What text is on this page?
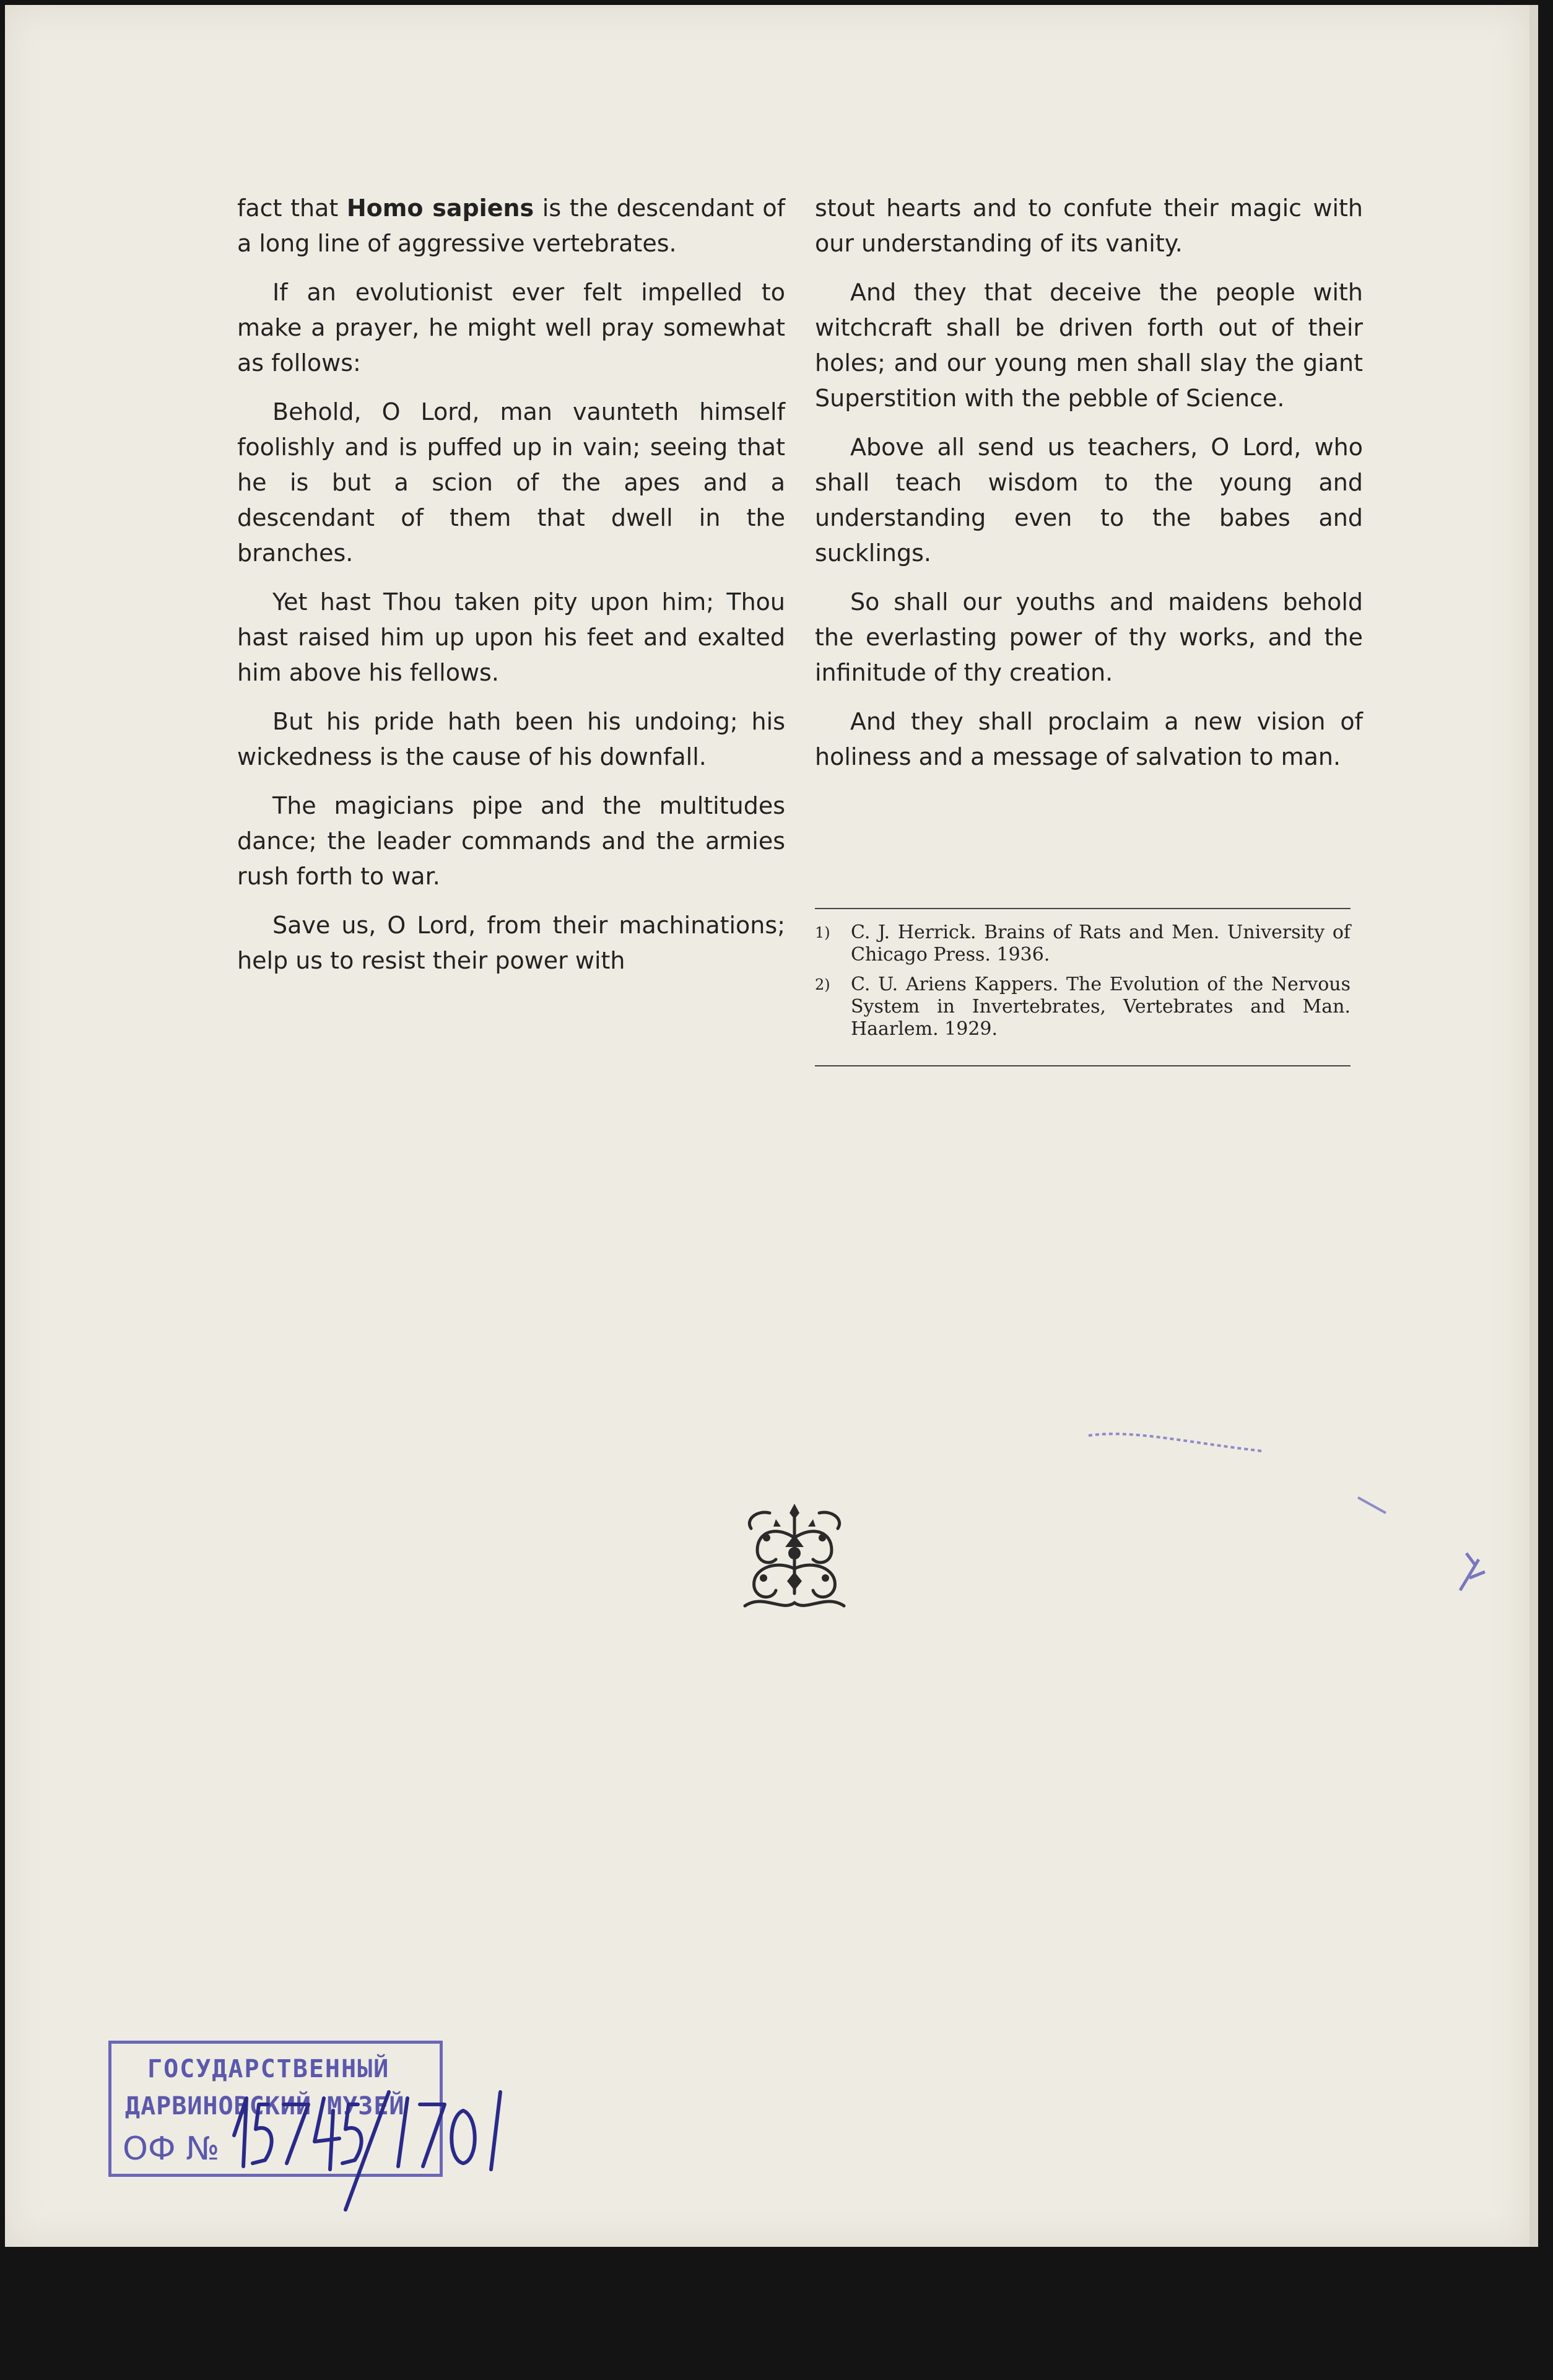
fact that Homo sapiens is the descendant of a long line of aggressive vertebrates.

If an evolutionist ever felt impelled to make a prayer, he might well pray somewhat as follows:

Behold, O Lord, man vaunteth himself foolishly and is puffed up in vain; seeing that he is but a scion of the apes and a descendant of them that dwell in the branches.

Yet hast Thou taken pity upon him; Thou hast raised him up upon his feet and exalted him above his fellows.

But his pride hath been his undoing; his wickedness is the cause of his downfall.

The magicians pipe and the multitudes dance; the leader commands and the armies rush forth to war.

Save us, O Lord, from their machinations; help us to resist their power with

stout hearts and to confute their magic with our understanding of its vanity.

And they that deceive the people with witchcraft shall be driven forth out of their holes; and our young men shall slay the giant Superstition with the pebble of Science.

Above all send us teachers, O Lord, who shall teach wisdom to the young and understanding even to the babes and sucklings.

So shall our youths and maidens behold the everlasting power of thy works, and the infinitude of thy creation.

And they shall proclaim a new vision of holiness and a message of salvation to man.

1)	C. J. Herrick. Brains of Rats and Men. University of Chicago Press. 1936.
2)	C. U. Ariens Kappers. The Evolution of the Nervous System in Invertebrates, Vertebrates and Man. Haarlem. 1929.
ГОСУДАРСТВЕННЫЙ
ДАРВИНОВСКИЙ МУЗЕЙ
ОФ №
